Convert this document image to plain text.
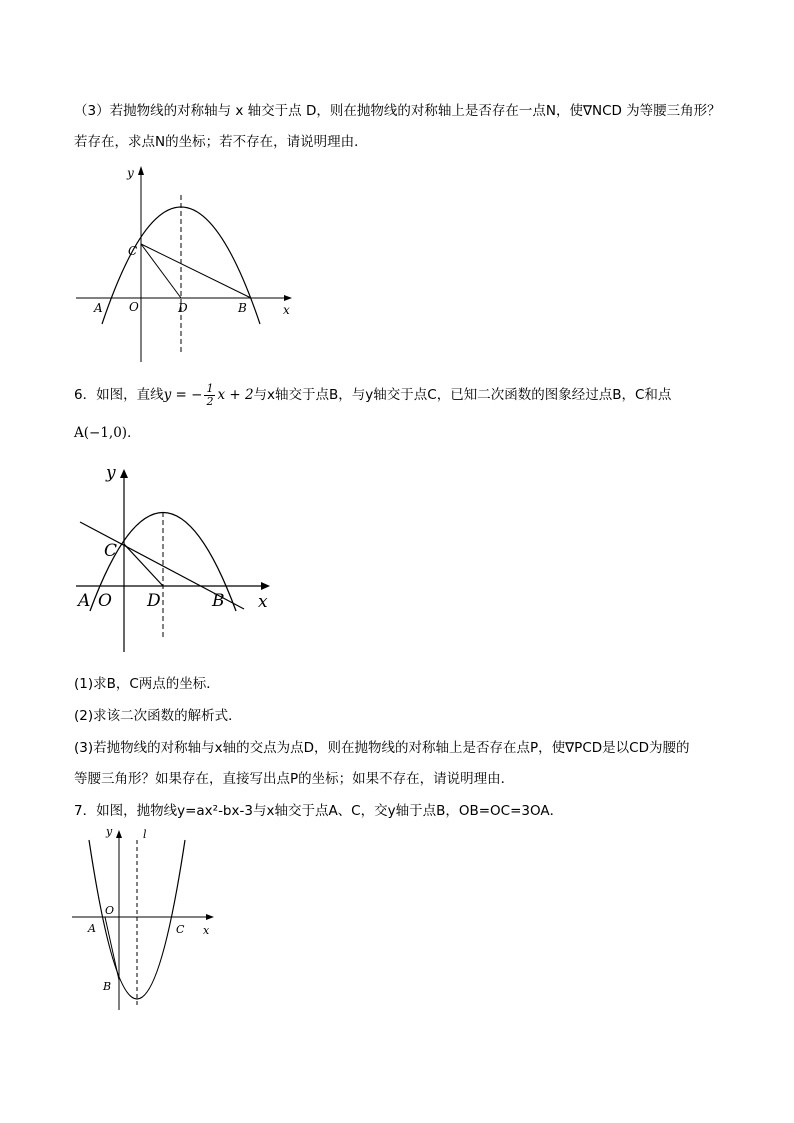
（3）若抛物线的对称轴与 x 轴交于点 D，则在抛物线的对称轴上是否存在一点N，使∇NCD 为等腰三角形？
若存在，求点N的坐标；若不存在，请说明理由．
y
C
A O	D	B	x
6．如图，直线y = − $\frac{1}{2}$ x + 2与x轴交于点B，与y轴交于点C，已知二次函数的图象经过点B，C和点
A(−1,0)．
y
C
A O D	B x
(1)求B，C两点的坐标．
(2)求该二次函数的解析式．
(3)若抛物线的对称轴与x轴的交点为点D，则在抛物线的对称轴上是否存在点P，使∇PCD是以CD为腰的
等腰三角形？如果存在，直接写出点P的坐标；如果不存在，请说明理由．
7．如图，抛物线y=ax²-bx-3与x轴交于点A、C，交y轴于点B，OB=OC=3OA．
y	l
O
A	C x
B
